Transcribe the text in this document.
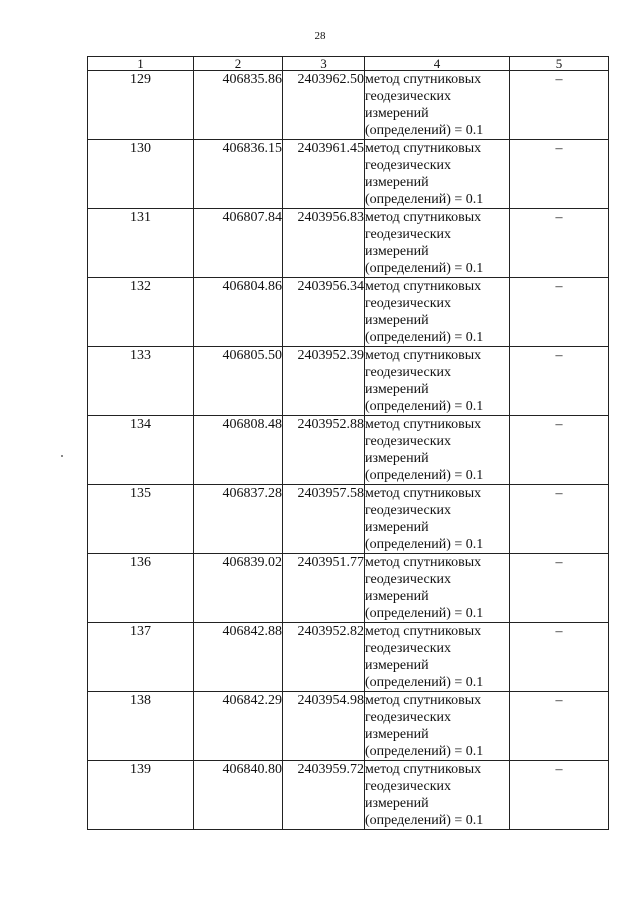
28
1	2	3	4	5
129	406835.86	2403962.50	метод спутниковых
геодезических
измерений
(определений) = 0.1	–
130	406836.15	2403961.45	метод спутниковых
геодезических
измерений
(определений) = 0.1	–
131	406807.84	2403956.83	метод спутниковых
геодезических
измерений
(определений) = 0.1	–
132	406804.86	2403956.34	метод спутниковых
геодезических
измерений
(определений) = 0.1	–
133	406805.50	2403952.39	метод спутниковых
геодезических
измерений
(определений) = 0.1	–
134	406808.48	2403952.88	метод спутниковых
геодезических
измерений
(определений) = 0.1	–
135	406837.28	2403957.58	метод спутниковых
геодезических
измерений
(определений) = 0.1	–
136	406839.02	2403951.77	метод спутниковых
геодезических
измерений
(определений) = 0.1	–
137	406842.88	2403952.82	метод спутниковых
геодезических
измерений
(определений) = 0.1	–
138	406842.29	2403954.98	метод спутниковых
геодезических
измерений
(определений) = 0.1	–
139	406840.80	2403959.72	метод спутниковых
геодезических
измерений
(определений) = 0.1	–
